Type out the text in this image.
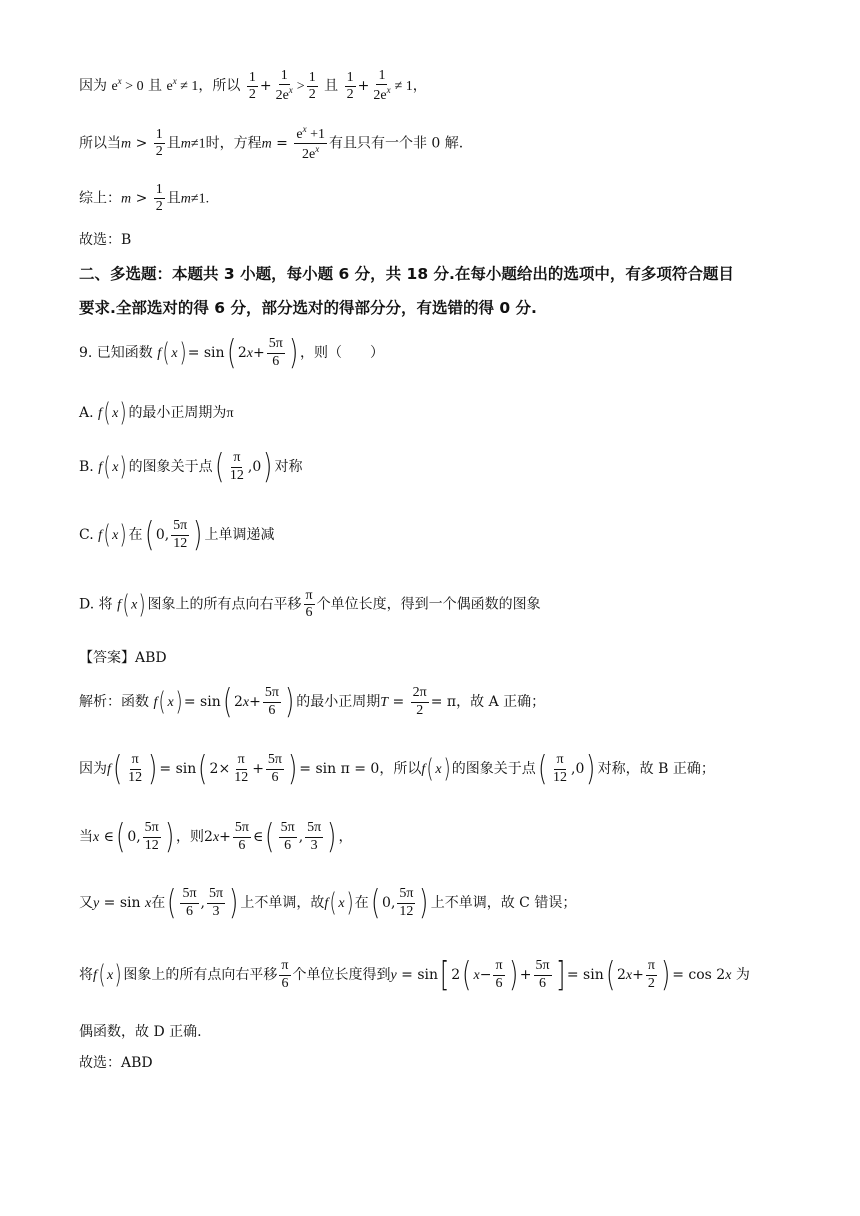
因为 $e^x > 0$ 且 $e^x \ne 1$，所以 $\frac{1}{2} + \frac{1}{2e^x} > \frac{1}{2}$ 且 $\frac{1}{2} + \frac{1}{2e^x} \ne 1$，
所以当$m > \frac{1}{2}$ 且m≠1时，方程$m = \frac{e^x +1}{2e^x}$ 有且只有一个非 0 解.
综上：$m > \frac{1}{2}$ 且m≠1.
故选：B
二、多选题：本题共 3 小题，每小题 6 分，共 18 分.在每小题给出的选项中，有多项符合题目
要求.全部选对的得 6 分，部分选对的得部分分，有选错的得 0 分.
9. 已知函数 f( x) = sin( $2x+ \frac{5\pi}{6}$ ) ，则（　　）
A. f( x) 的最小正周期为π
B. f( x) 的图象关于点( $\frac{\pi}{12} ,0$) 对称
C. f( x) 在( 0, $\frac{5\pi}{12}$ ) 上单调递减
D. 将 f( x) 图象上的所有点向右平移 $\frac{\pi}{6}$ 个单位长度，得到一个偶函数的图象
【答案】ABD
解析：函数 f( x) = sin( $2x+ \frac{5\pi}{6}$ ) 的最小正周期$T = \frac{2\pi}{2} = \pi$，故 A 正确；
因为$f( \frac{\pi}{12}$ ) = sin( $2\times \frac{\pi}{12} + \frac{5\pi}{6}$ ) = sin π = 0，所以f( x) 的图象关于点( $\frac{\pi}{12} ,0$) 对称，故 B 正确；
当x ∈( 0, $\frac{5\pi}{12}$ ) ，则$2x+ \frac{5\pi}{6}$ ∈( $\frac{5\pi}{6}$ , $\frac{5\pi}{3}$ ) ，
又y = sin x在( $\frac{5\pi}{6}$ , $\frac{5\pi}{3}$ ) 上不单调，故f( x) 在( 0, $\frac{5\pi}{12}$ ) 上不单调，故 C 错误；
将f( x) 图象上的所有点向右平移 $\frac{\pi}{6}$ 个单位长度得到y = sin[ 2( $x- \frac{\pi}{6}$ ) + $\frac{5\pi}{6}$ ] = sin( $2x+ \frac{\pi}{2}$ ) = cos 2x 为
偶函数，故 D 正确.
故选：ABD
